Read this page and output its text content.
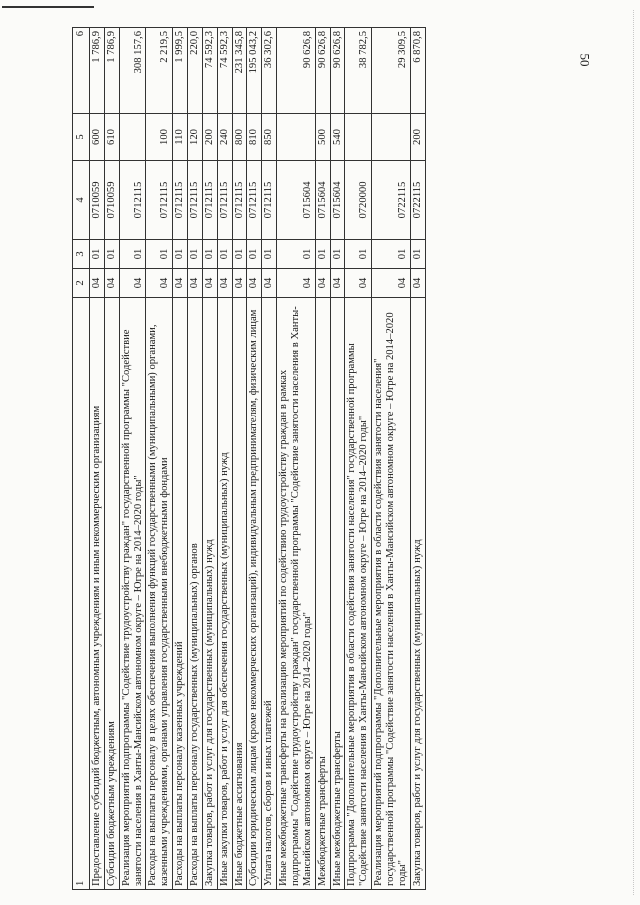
50
1	2	3	4	5	6
Предоставление субсидий бюджетным, автономным учреждениям и иным некоммерческим организациям	04	01	0710059	600	1 786,9
Субсидии бюджетным учреждениям	04	01	0710059	610	1 786,9
Реализация мероприятий подпрограммы "Содействие трудоустройству граждан" государственной программы "Содействие занятости населения в Ханты-Мансийском автономном округе – Югре на 2014–2020 годы"	04	01	0712115		308 157,6
Расходы на выплаты персоналу в целях обеспечения выполнения функций государственными (муниципальными) органами, казенными учреждениями, органами управления государственными внебюджетными фондами	04	01	0712115	100	2 219,5
Расходы на выплаты персоналу казенных учреждений	04	01	0712115	110	1 999,5
Расходы на выплаты персоналу государственных (муниципальных) органов	04	01	0712115	120	220,0
Закупка товаров, работ и услуг для государственных (муниципальных) нужд	04	01	0712115	200	74 592,3
Иные закупки товаров, работ и услуг для обеспечения государственных (муниципальных) нужд	04	01	0712115	240	74 592,3
Иные бюджетные ассигнования	04	01	0712115	800	231 345,8
Субсидии юридическим лицам (кроме некоммерческих организаций), индивидуальным предпринимателям, физическим лицам	04	01	0712115	810	195 043,2
Уплата налогов, сборов и иных платежей	04	01	0712115	850	36 302,6
Иные межбюджетные трансферты на реализацию мероприятий по содействию трудоустройству граждан в рамках подпрограммы "Содействие трудоустройству граждан" государственной программы "Содействие занятости населения в Ханты-Мансийском автономном округе – Югре на 2014–2020 годы"	04	01	0715604		90 626,8
Межбюджетные трансферты	04	01	0715604	500	90 626,8
Иные межбюджетные трансферты	04	01	0715604	540	90 626,8
Подпрограмма "Дополнительные мероприятия в области содействия занятости населения" государственной программы "Содействие занятости населения в Ханты-Мансийском автономном округе – Югре на 2014–2020 годы"	04	01	0720000		38 782,5
Реализация мероприятий подпрограммы "Дополнительные мероприятия в области содействия занятости населения" государственной программы "Содействие занятости населения в Ханты-Мансийском автономном округе – Югре на 2014–2020 годы"	04	01	0722115		29 309,5
Закупка товаров, работ и услуг для государственных (муниципальных) нужд	04	01	0722115	200	6 870,8
